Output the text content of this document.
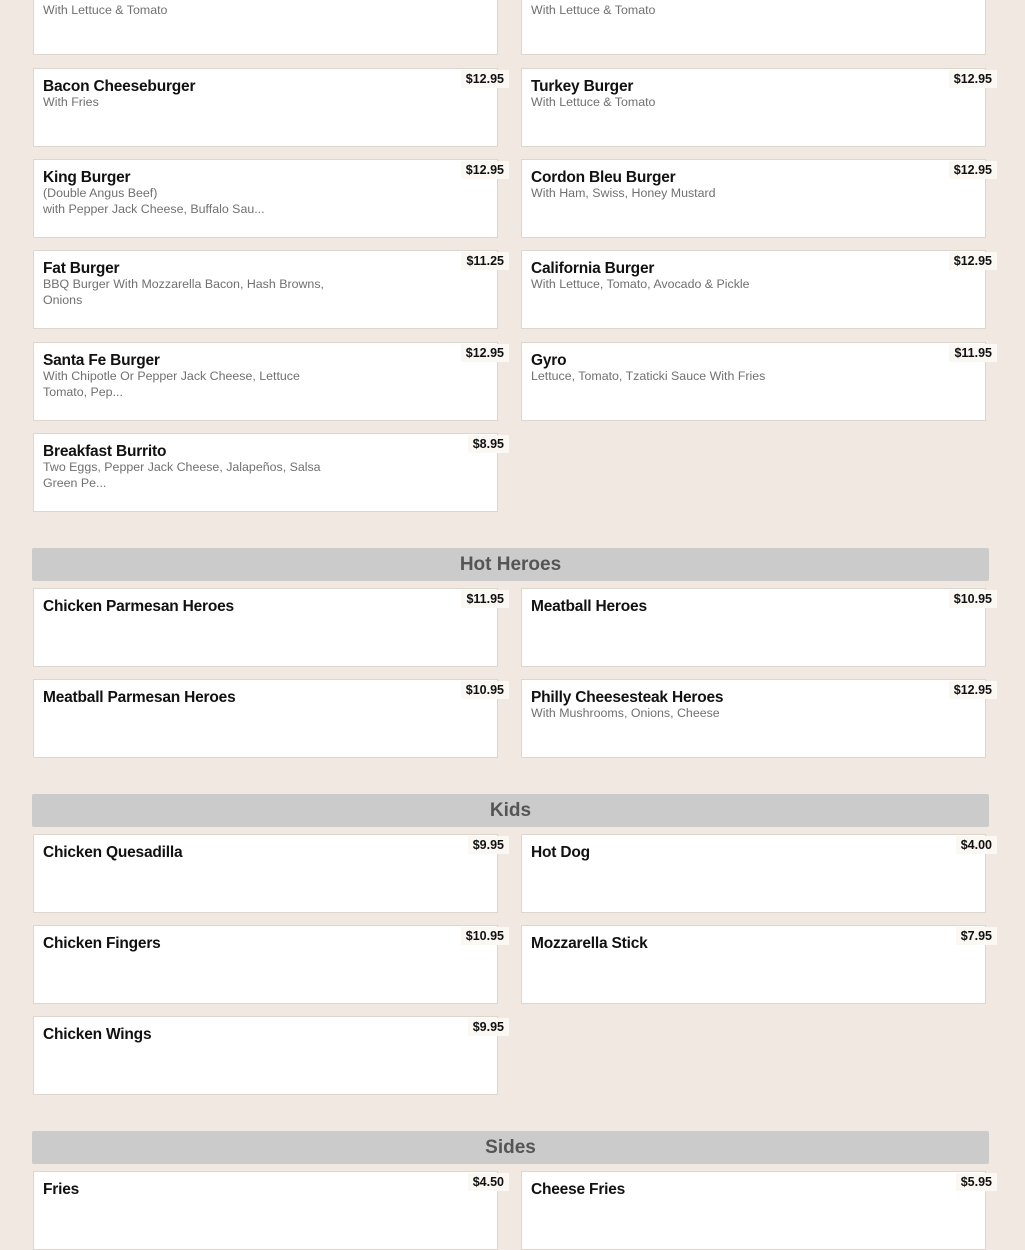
With Lettuce & Tomato	With Lettuce & Tomato
Bacon Cheeseburger
With Fries
$12.95	Turkey Burger
With Lettuce & Tomato
$12.95
King Burger
(Double Angus Beef)
with Pepper Jack Cheese, Buffalo Sau...
$12.95	Cordon Bleu Burger
With Ham, Swiss, Honey Mustard
$12.95
Fat Burger
BBQ Burger With Mozzarella Bacon, Hash Browns, Onions
$11.25	California Burger
With Lettuce, Tomato, Avocado & Pickle
$12.95
Santa Fe Burger
With Chipotle Or Pepper Jack Cheese, Lettuce Tomato, Pep...
$12.95	Gyro
Lettuce, Tomato, Tzaticki Sauce With Fries
$11.95
Breakfast Burrito
Two Eggs, Pepper Jack Cheese, Jalapeños, Salsa Green Pe...
$8.95
Hot Heroes
Chicken Parmesan Heroes	$11.95	Meatball Heroes	$10.95
Meatball Parmesan Heroes	$10.95	Philly Cheesesteak Heroes
With Mushrooms, Onions, Cheese
$12.95
Kids
Chicken Quesadilla	$9.95	Hot Dog	$4.00
Chicken Fingers	$10.95	Mozzarella Stick	$7.95
Chicken Wings	$9.95
Sides
Fries	$4.50	Cheese Fries	$5.95
